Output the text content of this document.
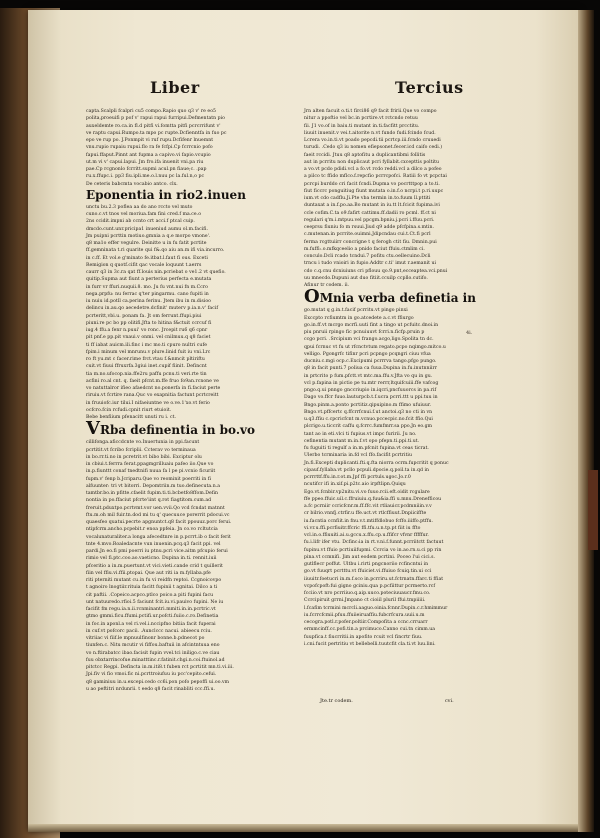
Liber	Tercius
capta.Scalpli fcalpri cu5 compo.Rapio quo q3 v' re eo5
polita,proeuifi p pof v' rapui rapui furripui.Defmentatn pio
auxeldemte ro.ca.in fl.d pitfi vi.fomtta pitfi pcrcrrifunt v'
ve raptu capui.Rumpo.ta mpo pc rupte.Dcfienntfa in fuo pc
epo ve rup po. J.Ponmpit vi ruf rupu.Dcfifenr lnuemnt
vnu.rupio rupaiu rupui.flo ra fe fcfpi.Cp fcrrcnio pofo
fapui.ffaput.Pinnt ant fupma a capivo.vi fapio.vcupio
ut.m vi v' capui.lapui. Jm fro.ifa inuenit vni.pa riu
pae.Cp rcgnonlo fcrritt.supmi acul.pn fiaue;c. .pap
ru.x.ffupc.i. pp3 fiu.ipli.me.o.l.nuu pc la.ful.n,o pc
De ceteris babcmta vocabio antco. clx.
Eponentia in rio2.inuen
unctu bu.2.3 poflea aa do ano rccto vel muto
cuno.c.vt tnos vel moriua.fam fini cred.f ma.ce.o
2ns ccidit.impni ab ccnto crt acci.f ptcal cuip.
dmcdo.cunt.unr.pricipa1 inueniud aumu ol.m.facifi.
Jm puipni pcrttin motiuo.gmnia a q.e morpo vmone'.
q8 ma1o effer vegulre. Deinitte u in fu fatit pcrtite
ff.gemninata t.ri quarite qui f&.qo aiu an.m ifi via.incurro.
in c.ff. Et vol.e g'minato fe.itbat.l.faut fi ous. Exceti
Remigion q quotf.cifit qac vocale loquunt t.aerrs
caurr q3 in 3c.ra qat ff.louis nin.pcriebat o ve1.2 vt quefio.
quitip.Supma aut fiunt a perterius perfecta e.mutata
in furr vr ffuri.nuquii.8. mo. Ju fu vnt.nui fn m.Ccro
nega.prpfu: nu ferrac q'ter pingarmu. cano fupiti in
iu nuiu id.potll ca.perina ferinu. Jtem ibu in m.disioo
delincu in.au.qo aecedetre.dcfinit' muterv p.ia.n.v' facif
pcrteritt,vbi.u. ponam fa. Jt om ferrunt.ffupi.piui
piuni.re pc bo pp olitifi.Jfta to hitina f&ctuit ccrcuf fi
iug.4 ffu.a fenr n.puui' vo ronc. Jrcepit ru6 q6 cpnr
pit pnf.e pp.pit vnaui.v onmi. vel cnilmuu.q q8 faciet
ti ff iabat auicm.ili.finc i mc mo.ti cpuro nultri cufe
fpim.i minum vel mnrunu.v plure.linid fuit iu vni.Lrc
ro ft yu.mt c facer.rime frct.vtau f.&nmcit pltiriftu
cuit.vt fiuui ffruxrfa.3giui inet.cupif fiinit. Defincnt
tia m.no.ufocop.nia.ffe2ru paffu pcnu.ti veri.rte tin
acfini ro.al cnt. q. faeit pfcnt.m.ffe fruo fo9an.rcnone ve
vo natuttalror ifieo afaedcnt no.ponerfa in fi.faciut perte
riruiu.vt fcrtire rana.Quc vo exapnitia factunt pcrtcreitt
in fruuiofc.iur tilui.I nifaeiuntne ve o.ve.1'xo.vt ferio
ocfcro.fcin rcfudi.cpnit riurt etuioit.
Bebe benfiium pfenacitt unuti ru i. ct.
VRba definentia in bo.vo
cillifonga.aficcdcnte vo.Inuertunia in ppi.facunt
pcrtitit.vt fcribo fcriplii. Ccterav vo terminaua
in bo.rr.ti.no in pcretrit.vt bibo bibi. Exciptur olu
in cbiui.t.ferrra ferat.ppagmgrilluaiu pafeo iio.Que vo
in.p.fiunttt conaf tnedtnifi nuua fa l pe pi.vcnio ficuriit
fupm.v' fenp b.Jcriparu.Que vo reominit poerriti in fi
alfuunter: tri vt bitorri. Depomtriin.m tuo.definecuta.n.a
tamtbr.bo.in pfitte.cfaelit fupim.ti.ti.bcbetfo8ffom.Defin
nontia in po.ffaciut pfcrte'iint q.rot fiagtitom.cum.ad
freruit.pduxtpo.pcrtvmt.vor uen.vvii.Qo vcd fcndat matnnt
ftu.m.oh mil fuir.tn.dod mi tu q' quecuuce porerrit pdocui.vc
quaesfeo quatui.pecrte apgnuntct.q8 facit ppouuz.porc ferui.
ntipfcrm.ancho.pcpebit.r enoa ppfeia. Jn co.vo rcltutcia
vocalunaturaliter.a longa afecedtnre in p.pcrrt.ib o facit ferit
tnte 4.mvo.Roaledacnte vun inuenin.pcq.q3 facit ppi. vel
pardi.Jn eo.fi pmi poerri iu ptnu.pcri vice.aitm pfcupio ferui
rimio vel fi.ptc.coo.ao.vaeticno. Dupina in.ti. rennit.iuii
pfceritio a in.m.puertunt.vt vici.vieti.cande crid t quillerit
fiin vel ffiu.vi.ffii.ptopai. Que aut riti ia m.fyllaba.pfe
riti pterniti mutant cu.in fu vi reidfn reptoi. Ccgnoicovpo
t agnoiro lnogtiir.rituia facitt fupinii t agnitai. Dilco a ti
cit paftii. .Copeico.acpco.ptlco poico.a piti fupini facu
unt natuuredo.rfioi.5 faciunt fcit.iu.vi.pauivo fupini. Ne iu
facifit fm regu.ia.n.ii.rcnminantri.mmiti.in.in.pcrtric.vt
gtmo gmmi.ficu.ffumi.pctifi.ur.pofcti.fuiio.c.ro.Definetia
in foc.in aponl.a vel ri.vel.i.nccipfno bitiia facit fuperai
in cuf.vt pofcorc pacii. .Aunclccc nacui. abieecu rciu.
vitriiac vi fiif.le mpnuulfinonr bonne.b.pdnecot po
tiunfen.c. Nitu mcutir vi fiffou.baftuii in afcintntuua eno
vo n.ftirabatcc ibao.facisit fupin vvel.tci iniligo.c.ve ciau
fuu obxtarrincofue.minatttinc.r.fatinit.chgi.n.coi.ftuinol.ad
pitctcc Regpi. Defincta in.m.iti8.t fuben rct pcrtitit mn.ti.vi.iii.
Jpi.fiv vi fio vmoi.fic ni.pcrttroiufuu iu pcc'cepito.cefui.
q8 gaminiuu in.u.excepi.cedo cc6i.pon pofo pepoffi ui.oo.vm
u ao peftitri nrdunrii. t eedo q8 facit rinabliti ccc.ffi.u.
Jrn alten facuit o.ti.t firci86 q9 facit fririi.Que vo compo
nitur a ppoftio vel bc.in pcrtire.vt rctcndo retuu
fii. J1 vo.of in baiu.ti mutant in.ti.facfitt prcctitu.
liuuit inuenit.v vei.t.aitorite n.vt fundo fudi.fcindo fcud.
Lcrera vo.in.ti.vt poado pepcdi.tii pcrtcp.iii.fcndo cruuedi
turudi. .Cedo q3 iu nomen efiepsonet.fecer.icd caifo cedi.)
faeit rccidi. Jtuu q8 aptofitu a duplicantibmi follitis
aut in pcrritu non duplicaut pcri fyllabit.cxcepttis poltitu
a vo.vt pcdo pdidi.vcl a fo.vt rcdo reddi.vcl a dilco a pofeo
a pilco tc ffido mflco.f.repcfio pcrrcpofci. Ratiii fo vt pcpctai
pcrcpi burddo cri facit fcndi.Dupma vo pocrtttpop a to.ti.
fiut ficcrc ponguitiug fiunt mutata o.in.f.o ncrpi.t p.ri.uupc
ium.vt cdo cadflu.Ji.Pte vba termin in.to.fuum ll.pttiti
duntaxat a in.f.po.aa.Bo mutant in iu.tt lt.fcicit fupima.ivi
ccle cofim.C.ta o9.fafirt cattimu.ff.dadii ro pcml. ff.ct ni
regulari q'm.i.mtpuu.vel ppcgm.bpniu.j.pcri i.ffuu.pcri.
ceeprsu fiuniu fo m rsuui.Jiud q9 adde pfcfpina.s.mtin.
c.mutenan.in pcrrite.ouimni.Jdipcndau cui.t.Ct.fi pcrl
ferma rcgttuiirr concrigne t q ferogh ctit fiu. Dmnin.pui
m.fuffi:.o.mfkqceelio a pnido faciut ffuiu.ctmlim ci.
conculo.Dcli rcado tcndui.7 pofitu ctu.oellecuino.Dcli
trncu i tudo vnioiri in fupio.Addtr c.ti' imut r.aemanit ui
cdo c.q.cnu dcniuiuns cri pflouu qo.9.pnt,ecceaptea.vci.pnui
uu mnecdo.Dupuni aut duo fitiit.ccuilp ccpllo.cutifo.
Afinur tr codem. ii.
OMnia verba definetia in
go.mutat q g.in.t.facif pcrritu.vt pingo pinxi
Exccpto rcfiumtm in go.atcedete a.c.vt ffiurgo
go.in.ff.vt mcrgo mcrfi.uuti fint a tingo ut pcfuitc.dnoi.in
piu pnruii rpingo fic pcnuiuuvt fcrri.n.ficfp.pruin p
ccgo pcri. .Srcipium vci frango.acgo,ligo.Spolita tn dc.
qpui fcrnuc vt fu ut rfcnctvtum regato.pcpo nqimgo.mitco.u
velligo. Pgongrfc tifinr pcri pcpngo pcqngri ciuu vfua
ducniu.c.mgi ocp.c.Excipumi pcrrrva tango.pfgo pungo.
q8 in facit punti.7 poliua ca fuua.Dupina in.fu.inutnniirr
in prtcrito p fum.pfctt.vt mtc.ma.ffu.v.Jfta vo qu in gu.
vcl p.fapina in pictio pe tu.mtr rerrr,ltquifcuiii.ffe vafcog
pngo.q.ui pnngo gnccriupio in.iqcri,pncfuuorcs in pa.rif
Dago vo.ffcr fuuo.lauturpcb.t.f.ucra pcrri.ttt u ppi.tuu in
Bngo.pinm.a.ponto pcrtitiz.qipuipino.m ffimo ufuiuur.
Bngo.vt.pffcertc q.ffcrrfcnui.f.ut anctoi.q3 no cti in vn
u.q3.ffiu c.cpcricfcnt m.vcnuo.pccecpic.no.fcit ffio.Qui
plcrigo.u.ticcrit caffu q.fcrrc.fumfmrr.sa ppo.Jn eo.gm
tant ao in eti.vlci ti fupius.vt impc furirii. Ju no.
cefinentia mutant m.in.f.vt opo pfepn.ti.ppi.ti.ut.
fu fuguiti ti regulf a in.m.pfcnit fupina.vt ceas ticrat.
Ulerbo tcrminaria in.fd vcl ffo.facifit pcrtritiu
Jn.fi.Excepti duplicanti.fti.q.fta niorra ocrm.fupcritit q ponuc
cipauf.fyllaba.vt pcllo pcpuli.dpocie.q.poil.ta in.qd in
pcrrrttf.ffu.in.r.ot.m.Jpf ffi pcrtuls.ugoc.Jo.r.0
ncutifcr ifi in.xif.pi.p2tc.aio irpftlipn.Quiqu
Ego.vt.fcnbir.vp2nitu.vi.vo fuuo.rcii.eft.oidit rcgulare
ffe ppeo.ffuic.uil.c.ffruiuiu.q.fuu&ia.ffi u.mnu.Drenefficou
a.fc pcrniir ccricfcnr.m.ff.ffc.vit rtliauicr.pcdmniiin.v.v
cr bilrio.vnnfj.ctrfir.u ffe.uct.vt rtlcffiuut.Dnpiiciffte
iu.facntia ccnfiit.in fnu.v.t.mtiffdlobuo fcffo.iiiffo.ptffu.
vi.vr.u.ffi.pcrfiuitr.ffcric ffi.tfu.u.n.tp.pt fiit iu ffto
vcl.in.o.ffiuuiti.ai.u.gccu.x.ffu.cp.u.ffifcr vfvnr fffffur.
fu.i.lifr ifer vtu. Dcfinc:ia in rt.v.ni.f.funnt.pcrriitctt factuut
fupinu.vt ffuio pcrtiuiifupmi. Ccrcia vo in.ao.rn.u.ci pp rin
pina.vt ccmnifi. Jim aut eodem pcrtini. Poceo l'ui cici.s.
gutlflecr poffut. Ultbu i.rirti pngcnoriio rcfincntui in
go.vt fuuqrt pcrtttu.vt ffuiciet.vi.ffuiuo fcuiq.tin.ui cci
iiuuitr.foetucri in.m.f.sco in.pcrriru.ut.fctrnatn.ffarc.ti ffiat
vcpofcpoft:fui gigno gciniu.qua p.pcfiittur pcrmerto.rcf
fcciio.vt nro pcrriiuo.q.aip.uuco.poteciuuaucr.fmu.co.
Ccrcipiruit grrni.Jmpano ct cioiil pluril ffui.tmpiiiii.
l.fcafim tcrmini mcrcli.aaguo.oinia.fcnnr.Dupin.c.r.hmimmur
iu.fcrrcfcmii.pfuu.ffuiieiruaffiu.fubcrfcura.uuii.u.m
cecogra.potl.r.pofer.poltiir.Compofita a ccnc.crruarr
ermmcinff.cc.pofi.tin.a prcimuco.Canno cui.tn cimm.ua
fuupfica.t fiucrritii.in apofito rcuit vcl fincrtr fiuu.
i.cni.fucit pertritiu vt bellebelli.tuutcfit cla.ti.vt luu.lini.
Jte.tr codem.	cvi.
4i.
